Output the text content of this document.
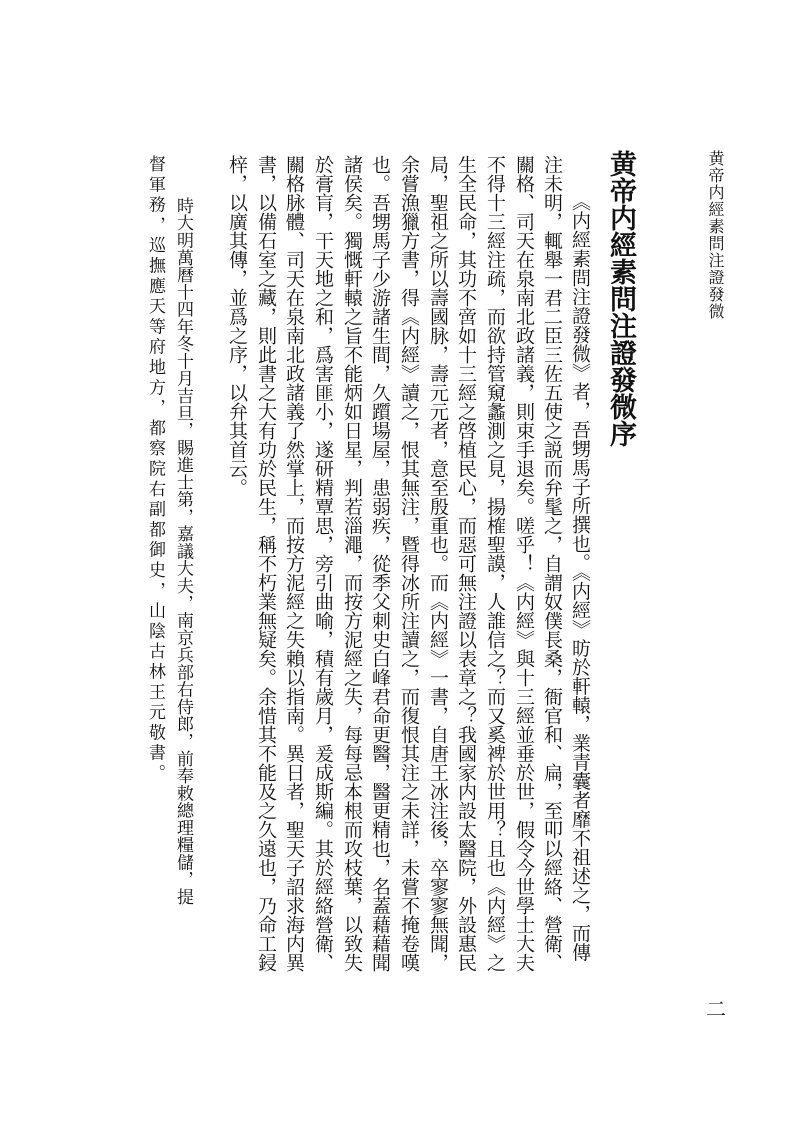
黄帝内經素問注證發微
二
黄帝内經素問注證發微序
《内經素問注證發微》者，吾甥馬子所撰也。《内經》昉於軒轅，業青囊者靡不祖述之，而傳
注未明，輒舉一君二臣三佐五使之説而弁髦之，自謂奴僕長桑，衙官和、扁，至叩以經絡、營衛、
關格、司天在泉南北政諸義，則束手退矣。嗟乎！《内經》與十三經並垂於世，假令今世學士大夫
不得十三經注疏，而欲持管窺蠡測之見，揚榷聖謨，人誰信之？而又奚裨於世用？且也《内經》之
生全民命，其功不啻如十三經之啓植民心，而惡可無注證以表章之？我國家内設太醫院，外設惠民
局，聖祖之所以壽國脉，壽元元者，意至殷重也。而《内經》一書，自唐王冰注後，卒寥寥無聞，
余嘗漁獵方書，得《内經》讀之，恨其無注，暨得冰所注讀之，而復恨其注之未詳，未嘗不掩卷嘆
也。吾甥馬子少游諸生間，久躓場屋，患弱疾，從季父刺史白峰君命更醫，醫更精也，名蓋藉藉聞
諸侯矣。獨慨軒轅之旨不能炳如日星，判若淄澠，而按方泥經之失，每每忌本根而攻枝葉，以致失
於膏肓，干天地之和，爲害匪小，遂研精覃思，旁引曲喻，積有歲月，爰成斯編。其於經絡營衛、
關格脉體、司天在泉南北政諸義了然掌上，而按方泥經之失賴以指南。異日者，聖天子詔求海内異
書，以備石室之藏，則此書之大有功於民生，稱不朽業無疑矣。余惜其不能及之久遠也，乃命工鋟
梓，以廣其傳，並爲之序，以弁其首云。
時大明萬曆十四年冬十月吉旦，賜進士第，嘉議大夫，南京兵部右侍郎，前奉敕總理糧儲，提
督軍務，巡撫應天等府地方，都察院右副都御史，山陰古林王元敬書。
